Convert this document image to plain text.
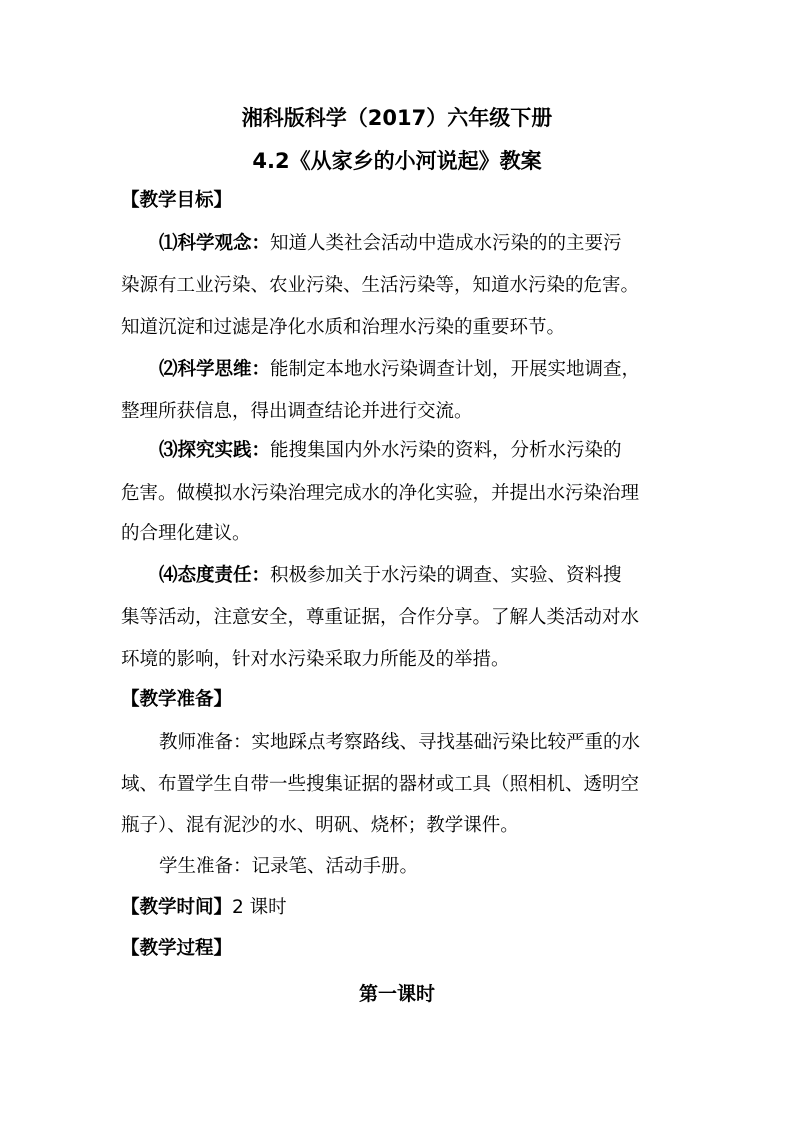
湘科版科学（2017）六年级下册
4.2《从家乡的小河说起》教案
【教学目标】
⑴科学观念：知道人类社会活动中造成水污染的的主要污
染源有工业污染、农业污染、生活污染等，知道水污染的危害。
知道沉淀和过滤是净化水质和治理水污染的重要环节。
⑵科学思维：能制定本地水污染调查计划，开展实地调查，
整理所获信息，得出调查结论并进行交流。
⑶探究实践：能搜集国内外水污染的资料，分析水污染的
危害。做模拟水污染治理完成水的净化实验，并提出水污染治理
的合理化建议。
⑷态度责任：积极参加关于水污染的调查、实验、资料搜
集等活动，注意安全，尊重证据，合作分享。了解人类活动对水
环境的影响，针对水污染采取力所能及的举措。
【教学准备】
教师准备：实地踩点考察路线、寻找基础污染比较严重的水
域、布置学生自带一些搜集证据的器材或工具（照相机、透明空
瓶子）、混有泥沙的水、明矾、烧杯；教学课件。
学生准备：记录笔、活动手册。
【教学时间】2 课时
【教学过程】
第一课时
